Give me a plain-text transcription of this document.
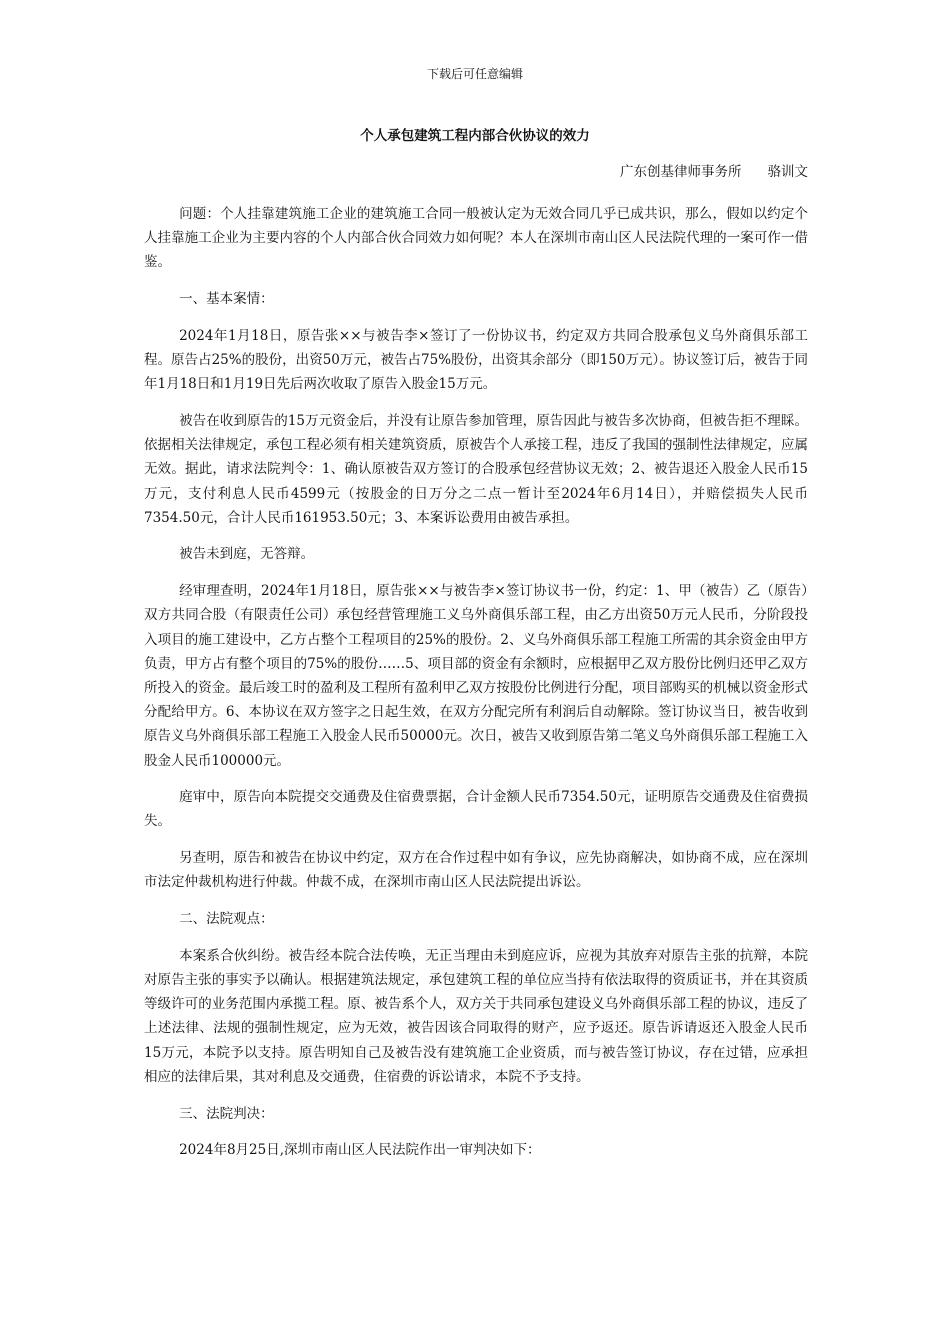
下载后可任意编辑
个人承包建筑工程内部合伙协议的效力
广东创基律师事务所 骆训文

问题：个人挂靠建筑施工企业的建筑施工合同一般被认定为无效合同几乎已成共识，那么，假如以约定个人挂靠施工企业为主要内容的个人内部合伙合同效力如何呢？本人在深圳市南山区人民法院代理的一案可作一借鉴。

一、基本案情：

2024年1月18日，原告张××与被告李×签订了一份协议书，约定双方共同合股承包义乌外商俱乐部工程。原告占25%的股份，出资50万元，被告占75%股份，出资其余部分（即150万元）。协议签订后，被告于同年1月18日和1月19日先后两次收取了原告入股金15万元。

被告在收到原告的15万元资金后，并没有让原告参加管理，原告因此与被告多次协商，但被告拒不理睬。依据相关法律规定，承包工程必须有相关建筑资质，原被告个人承接工程，违反了我国的强制性法律规定，应属无效。据此，请求法院判令：1、确认原被告双方签订的合股承包经营协议无效；2、被告退还入股金人民币15万元，支付利息人民币4599元（按股金的日万分之二点一暂计至2024年6月14日），并赔偿损失人民币7354.50元，合计人民币161953.50元；3、本案诉讼费用由被告承担。

被告未到庭，无答辩。

经审理查明，2024年1月18日，原告张××与被告李×签订协议书一份，约定：1、甲（被告）乙（原告）双方共同合股（有限责任公司）承包经营管理施工义乌外商俱乐部工程，由乙方出资50万元人民币，分阶段投入项目的施工建设中，乙方占整个工程项目的25%的股份。2、义乌外商俱乐部工程施工所需的其余资金由甲方负责，甲方占有整个项目的75%的股份……5、项目部的资金有余额时，应根据甲乙双方股份比例归还甲乙双方所投入的资金。最后竣工时的盈利及工程所有盈利甲乙双方按股份比例进行分配，项目部购买的机械以资金形式分配给甲方。6、本协议在双方签字之日起生效，在双方分配完所有利润后自动解除。签订协议当日，被告收到原告义乌外商俱乐部工程施工入股金人民币50000元。次日，被告又收到原告第二笔义乌外商俱乐部工程施工入股金人民币100000元。

庭审中，原告向本院提交交通费及住宿费票据，合计金额人民币7354.50元，证明原告交通费及住宿费损失。

另查明，原告和被告在协议中约定，双方在合作过程中如有争议，应先协商解决，如协商不成，应在深圳市法定仲裁机构进行仲裁。仲裁不成，在深圳市南山区人民法院提出诉讼。

二、法院观点：

本案系合伙纠纷。被告经本院合法传唤，无正当理由未到庭应诉，应视为其放弃对原告主张的抗辩，本院对原告主张的事实予以确认。根据建筑法规定，承包建筑工程的单位应当持有依法取得的资质证书，并在其资质等级许可的业务范围内承揽工程。原、被告系个人，双方关于共同承包建设义乌外商俱乐部工程的协议，违反了上述法律、法规的强制性规定，应为无效，被告因该合同取得的财产，应予返还。原告诉请返还入股金人民币15万元，本院予以支持。原告明知自己及被告没有建筑施工企业资质，而与被告签订协议，存在过错，应承担相应的法律后果，其对利息及交通费，住宿费的诉讼请求，本院不予支持。

三、法院判决：

2024年8月25日,深圳市南山区人民法院作出一审判决如下：
